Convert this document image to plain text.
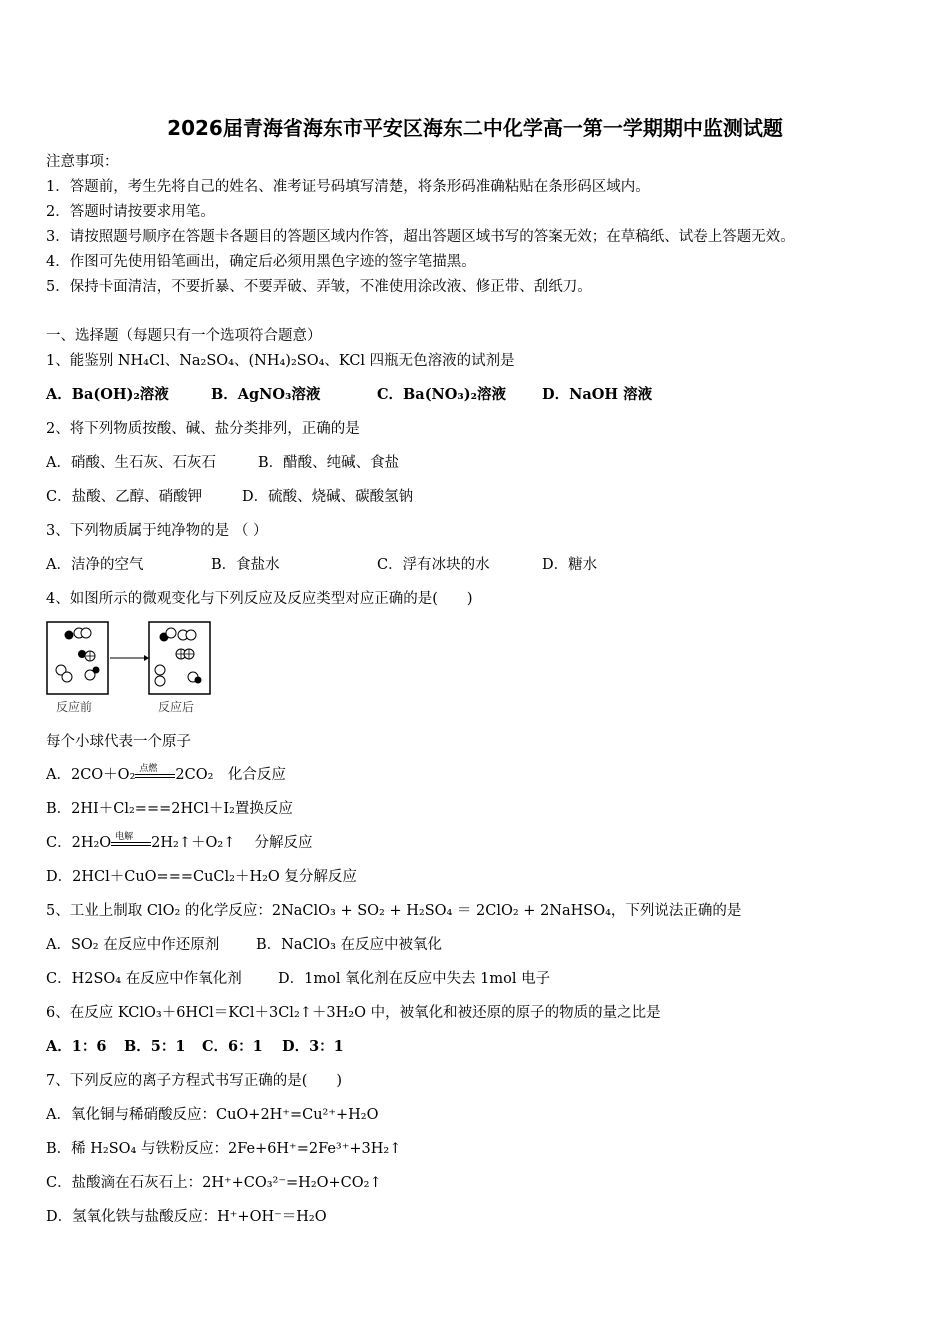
2026届青海省海东市平安区海东二中化学高一第一学期期中监测试题
注意事项：
1．答题前，考生先将自己的姓名、准考证号码填写清楚，将条形码准确粘贴在条形码区域内。
2．答题时请按要求用笔。
3．请按照题号顺序在答题卡各题目的答题区域内作答，超出答题区域书写的答案无效；在草稿纸、试卷上答题无效。
4．作图可先使用铅笔画出，确定后必须用黑色字迹的签字笔描黑。
5．保持卡面清洁，不要折暴、不要弄破、弄皱，不准使用涂改液、修正带、刮纸刀。
一、选择题（每题只有一个选项符合题意）
1、能鉴别 NH₄Cl、Na₂SO₄、(NH₄)₂SO₄、KCl 四瓶无色溶液的试剂是
A．Ba(OH)₂溶液	B．AgNO₃溶液	C．Ba(NO₃)₂溶液 D．NaOH 溶液
2、将下列物质按酸、碱、盐分类排列，正确的是
A．硝酸、生石灰、石灰石	B．醋酸、纯碱、食盐
C．盐酸、乙醇、硝酸钾	D．硫酸、烧碱、碳酸氢钠
3、下列物质属于纯净物的是 （ ）
A．洁净的空气	B．食盐水	C．浮有冰块的水	D．糖水
4、如图所示的微观变化与下列反应及反应类型对应正确的是(　　)
反应前	反应后
每个小球代表一个原子
A．2CO＋O₂ 点燃 2CO₂　化合反应
B．2HI＋Cl₂===2HCl＋I₂置换反应
C．2H₂O 电解 2H₂↑＋O₂↑　 分解反应
D．2HCl＋CuO===CuCl₂＋H₂O 复分解反应
5、工业上制取 ClO₂ 的化学反应：2NaClO₃ + SO₂ + H₂SO₄ ＝ 2ClO₂ + 2NaHSO₄，下列说法正确的是
A．SO₂ 在反应中作还原剂	B．NaClO₃ 在反应中被氧化
C．H2SO₄ 在反应中作氧化剂	D．1mol 氧化剂在反应中失去 1mol 电子
6、在反应 KClO₃＋6HCl＝KCl＋3Cl₂↑＋3H₂O 中，被氧化和被还原的原子的物质的量之比是
A．1：6 B．5：1 C．6：1 D．3：1
7、下列反应的离子方程式书写正确的是(　　)
A．氧化铜与稀硝酸反应：CuO+2H⁺=Cu²⁺+H₂O
B．稀 H₂SO₄ 与铁粉反应：2Fe+6H⁺=2Fe³⁺+3H₂↑
C．盐酸滴在石灰石上：2H⁺+CO₃²⁻=H₂O+CO₂↑
D．氢氧化铁与盐酸反应：H⁺+OH⁻＝H₂O
